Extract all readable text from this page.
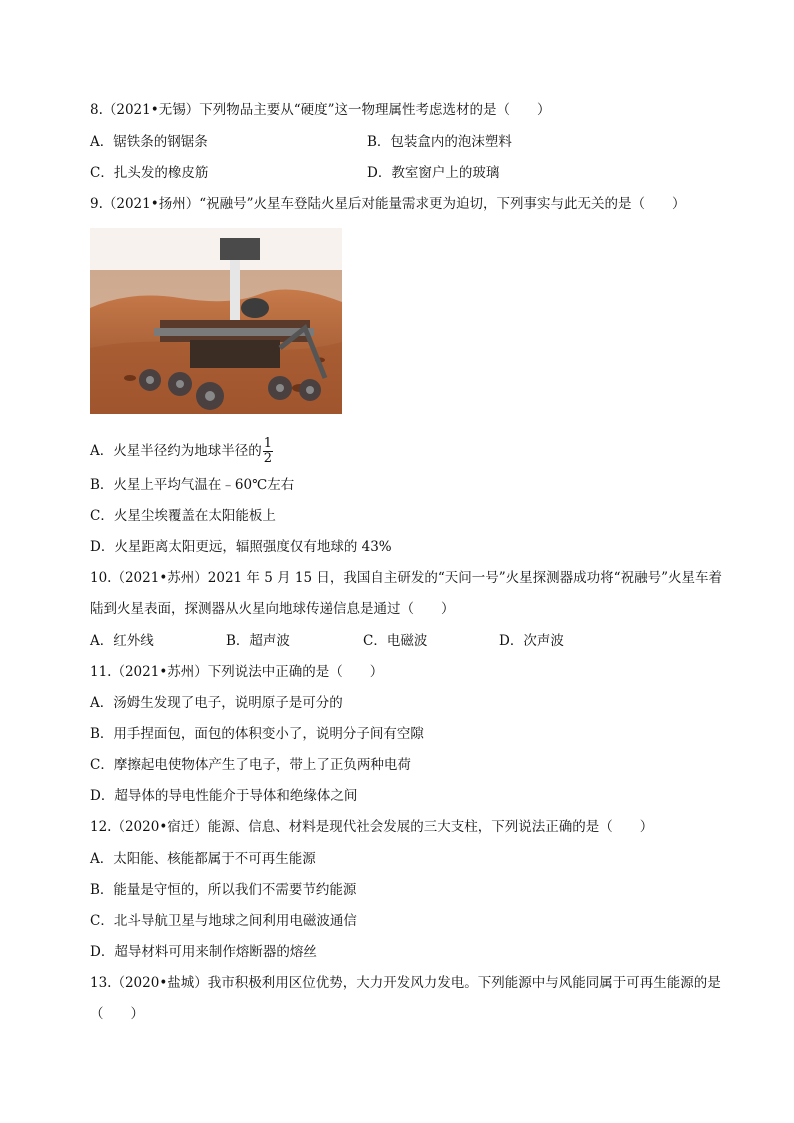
8.（2021•无锡）下列物品主要从“硬度”这一物理属性考虑选材的是（　　）
A．锯铁条的钢锯条	B．包装盒内的泡沫塑料
C．扎头发的橡皮筋	D．教室窗户上的玻璃
9.（2021•扬州）“祝融号”火星车登陆火星后对能量需求更为迫切，下列事实与此无关的是（　　）
A．火星半径约为地球半径的 $\frac{1}{2}$
B．火星上平均气温在﹣60℃左右
C．火星尘埃覆盖在太阳能板上
D．火星距离太阳更远，辐照强度仅有地球的 43%
10.（2021•苏州）2021 年 5 月 15 日，我国自主研发的“天问一号”火星探测器成功将“祝融号”火星车着
陆到火星表面，探测器从火星向地球传递信息是通过（　　）
A．红外线	B．超声波	C．电磁波	D．次声波
11.（2021•苏州）下列说法中正确的是（　　）
A．汤姆生发现了电子，说明原子是可分的
B．用手捏面包，面包的体积变小了，说明分子间有空隙
C．摩擦起电使物体产生了电子，带上了正负两种电荷
D．超导体的导电性能介于导体和绝缘体之间
12.（2020•宿迁）能源、信息、材料是现代社会发展的三大支柱，下列说法正确的是（　　）
A．太阳能、核能都属于不可再生能源
B．能量是守恒的，所以我们不需要节约能源
C．北斗导航卫星与地球之间利用电磁波通信
D．超导材料可用来制作熔断器的熔丝
13.（2020•盐城）我市积极利用区位优势，大力开发风力发电。下列能源中与风能同属于可再生能源的是
（　　）
